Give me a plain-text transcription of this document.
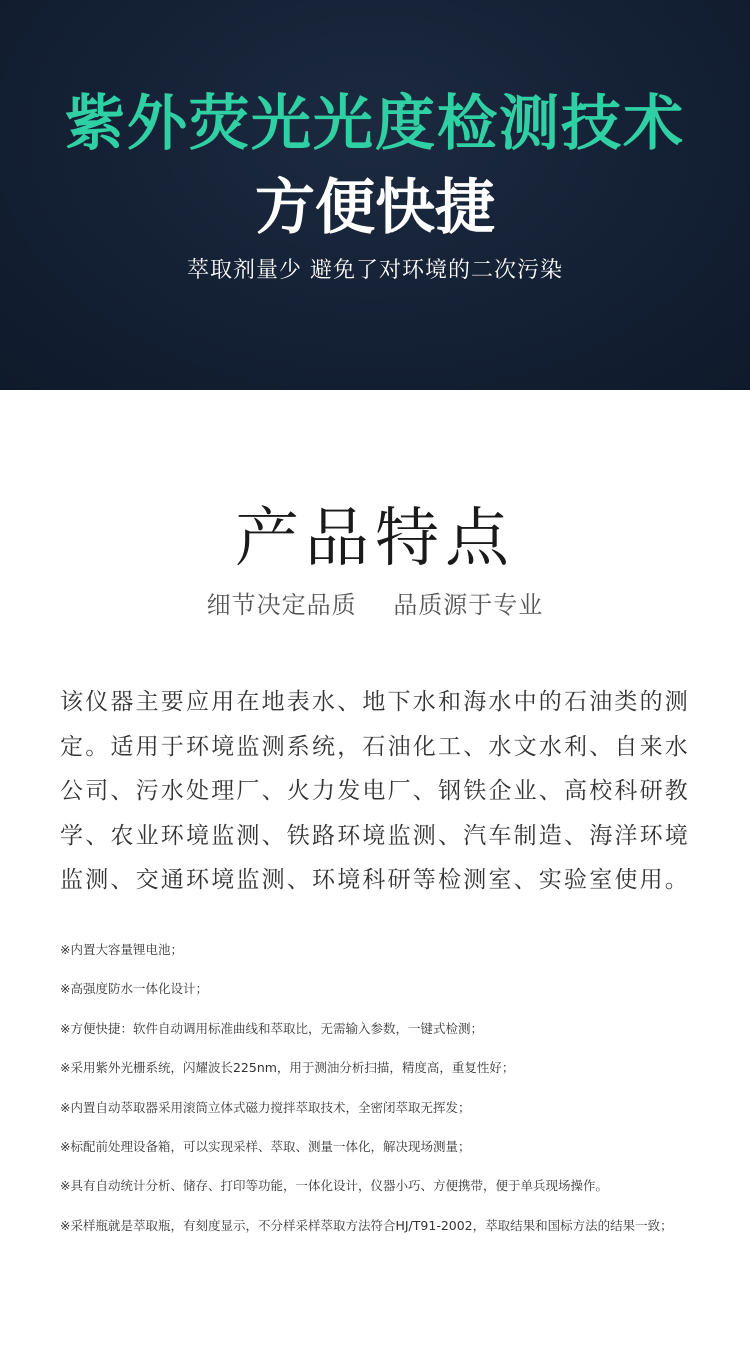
紫外荧光光度检测技术
方便快捷
萃取剂量少 避免了对环境的二次污染
产品特点
细节决定品质 品质源于专业
该仪器主要应用在地表水、地下水和海水中的石油类的测定。适用于环境监测系统，石油化工、水文水利、自来水公司、污水处理厂、火力发电厂、钢铁企业、高校科研教学、农业环境监测、铁路环境监测、汽车制造、海洋环境监测、交通环境监测、环境科研等检测室、实验室使用。
※内置大容量锂电池；
※高强度防水一体化设计；
※方便快捷：软件自动调用标准曲线和萃取比，无需输入参数，一键式检测；
※采用紫外光栅系统，闪耀波长225nm，用于测油分析扫描，精度高，重复性好；
※内置自动萃取器采用滚筒立体式磁力搅拌萃取技术，全密闭萃取无挥发；
※标配前处理设备箱，可以实现采样、萃取、测量一体化，解决现场测量；
※具有自动统计分析、储存、打印等功能，一体化设计，仪器小巧、方便携带，便于单兵现场操作。
※采样瓶就是萃取瓶，有刻度显示，不分样采样萃取方法符合HJ/T91-2002，萃取结果和国标方法的结果一致；
